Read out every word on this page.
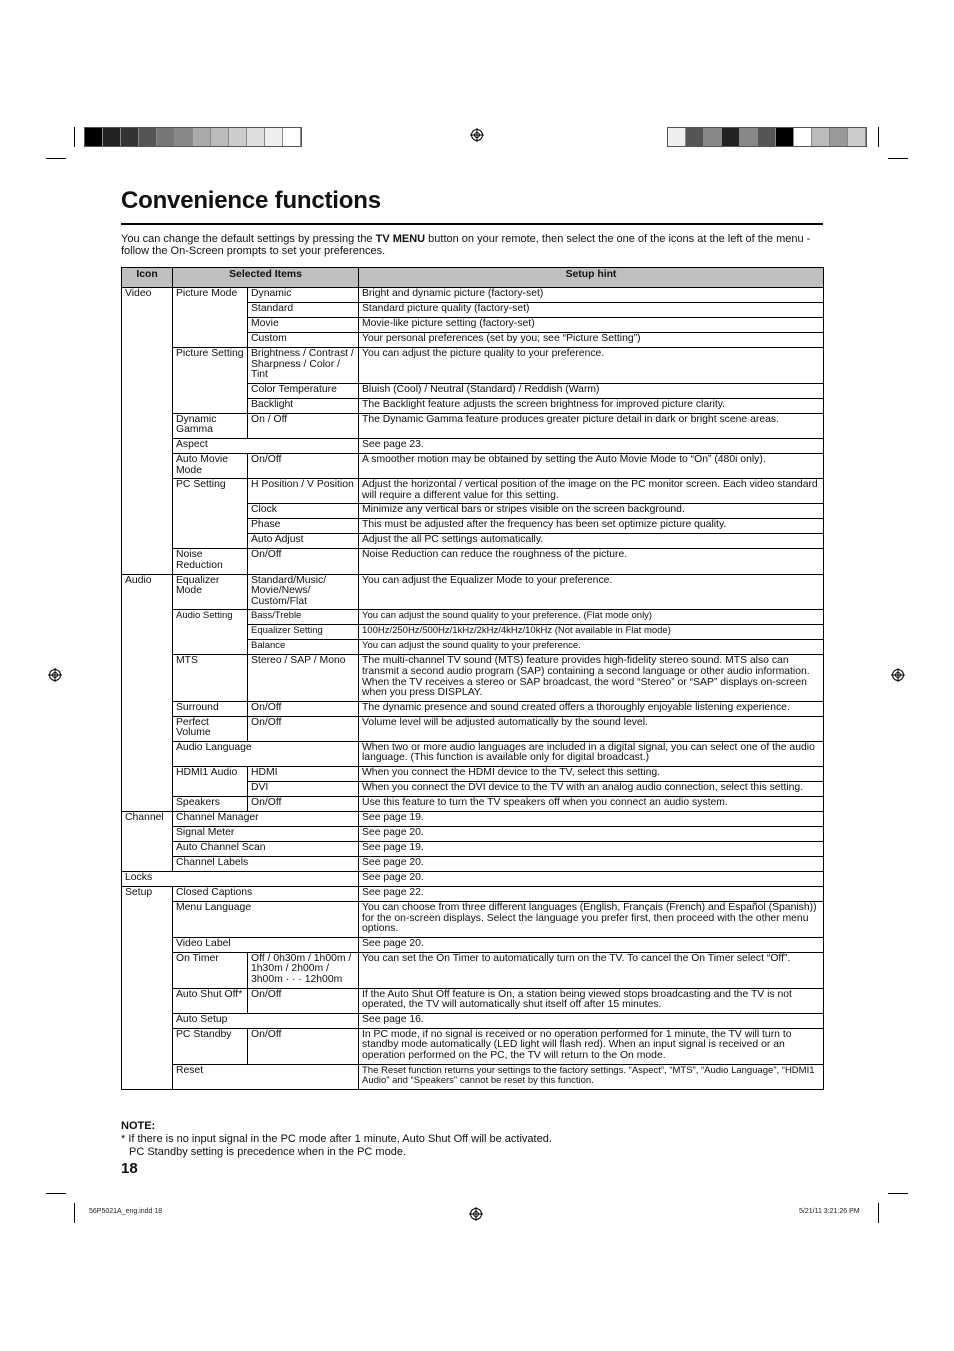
Convenience functions
You can change the default settings by pressing the TV MENU button on your remote, then select the one of the icons at the left of the menu - follow the On-Screen prompts to set your preferences.
Icon	Selected Items		Setup hint
Video	Picture Mode	Dynamic	Bright and dynamic picture (factory-set)
		Standard	Standard picture quality (factory-set)
		Movie	Movie-like picture setting (factory-set)
		Custom	Your personal preferences (set by you; see “Picture Setting”)
	Picture Setting	Brightness / Contrast / Sharpness / Color / Tint	You can adjust the picture quality to your preference.
		Color Temperature	Bluish (Cool) / Neutral (Standard) / Reddish (Warm)
		Backlight	The Backlight feature adjusts the screen brightness for improved picture clarity.
	Dynamic Gamma	On / Off	The Dynamic Gamma feature produces greater picture detail in dark or bright scene areas.
	Aspect		See page 23.
	Auto Movie Mode	On/Off	A smoother motion may be obtained by setting the Auto Movie Mode to “On” (480i only).
	PC Setting	H Position / V Position	Adjust the horizontal / vertical position of the image on the PC monitor screen. Each video standard will require a different value for this setting.
		Clock	Minimize any vertical bars or stripes visible on the screen background.
		Phase	This must be adjusted after the frequency has been set optimize picture quality.
		Auto Adjust	Adjust the all PC settings automatically.
	Noise Reduction	On/Off	Noise Reduction can reduce the roughness of the picture.
Audio	Equalizer Mode	Standard/Music/ Movie/News/ Custom/Flat	You can adjust the Equalizer Mode to your preference.
	Audio Setting	Bass/Treble	You can adjust the sound quality to your preference. (Flat mode only)
		Equalizer Setting	100Hz/250Hz/500Hz/1kHz/2kHz/4kHz/10kHz (Not available in Flat mode)
		Balance	You can adjust the sound quality to your preference.
	MTS	Stereo / SAP / Mono	The multi-channel TV sound (MTS) feature provides high-fidelity stereo sound. MTS also can transmit a second audio program (SAP) containing a second language or other audio information. When the TV receives a stereo or SAP broadcast, the word “Stereo” or “SAP” displays on-screen when you press DISPLAY.
	Surround	On/Off	The dynamic presence and sound created offers a thoroughly enjoyable listening experience.
	Perfect Volume	On/Off	Volume level will be adjusted automatically by the sound level.
	Audio Language		When two or more audio languages are included in a digital signal, you can select one of the audio language. (This function is available only for digital broadcast.)
	HDMI1 Audio	HDMI	When you connect the HDMI device to the TV, select this setting.
		DVI	When you connect the DVI device to the TV with an analog audio connection, select this setting.
	Speakers	On/Off	Use this feature to turn the TV speakers off when you connect an audio system.
Channel	Channel Manager		See page 19.
	Signal Meter		See page 20.
	Auto Channel Scan		See page 19.
	Channel Labels		See page 20.
Locks			See page 20.
Setup	Closed Captions		See page 22.
	Menu Language		You can choose from three different languages (English, Français (French) and Español (Spanish)) for the on-screen displays. Select the language you prefer first, then proceed with the other menu options.
	Video Label		See page 20.
	On Timer	Off / 0h30m / 1h00m / 1h30m / 2h00m / 3h00m · · · 12h00m	You can set the On Timer to automatically turn on the TV. To cancel the On Timer select “Off”.
	Auto Shut Off*	On/Off	If the Auto Shut Off feature is On, a station being viewed stops broadcasting and the TV is not operated, the TV will automatically shut itself off after 15 minutes.
	Auto Setup		See page 16.
	PC Standby	On/Off	In PC mode, if no signal is received or no operation performed for 1 minute, the TV will turn to standby mode automatically (LED light will flash red). When an input signal is received or an operation performed on the PC, the TV will return to the On mode.
	Reset		The Reset function returns your settings to the factory settings. “Aspect”, “MTS”, “Audio Language”, “HDMI1 Audio” and “Speakers” cannot be reset by this function.
NOTE:
* If there is no input signal in the PC mode after 1 minute, Auto Shut Off will be activated.
PC Standby setting is precedence when in the PC mode.
18
56P5021A_eng.indd 18	5/21/11 3:21:26 PM
